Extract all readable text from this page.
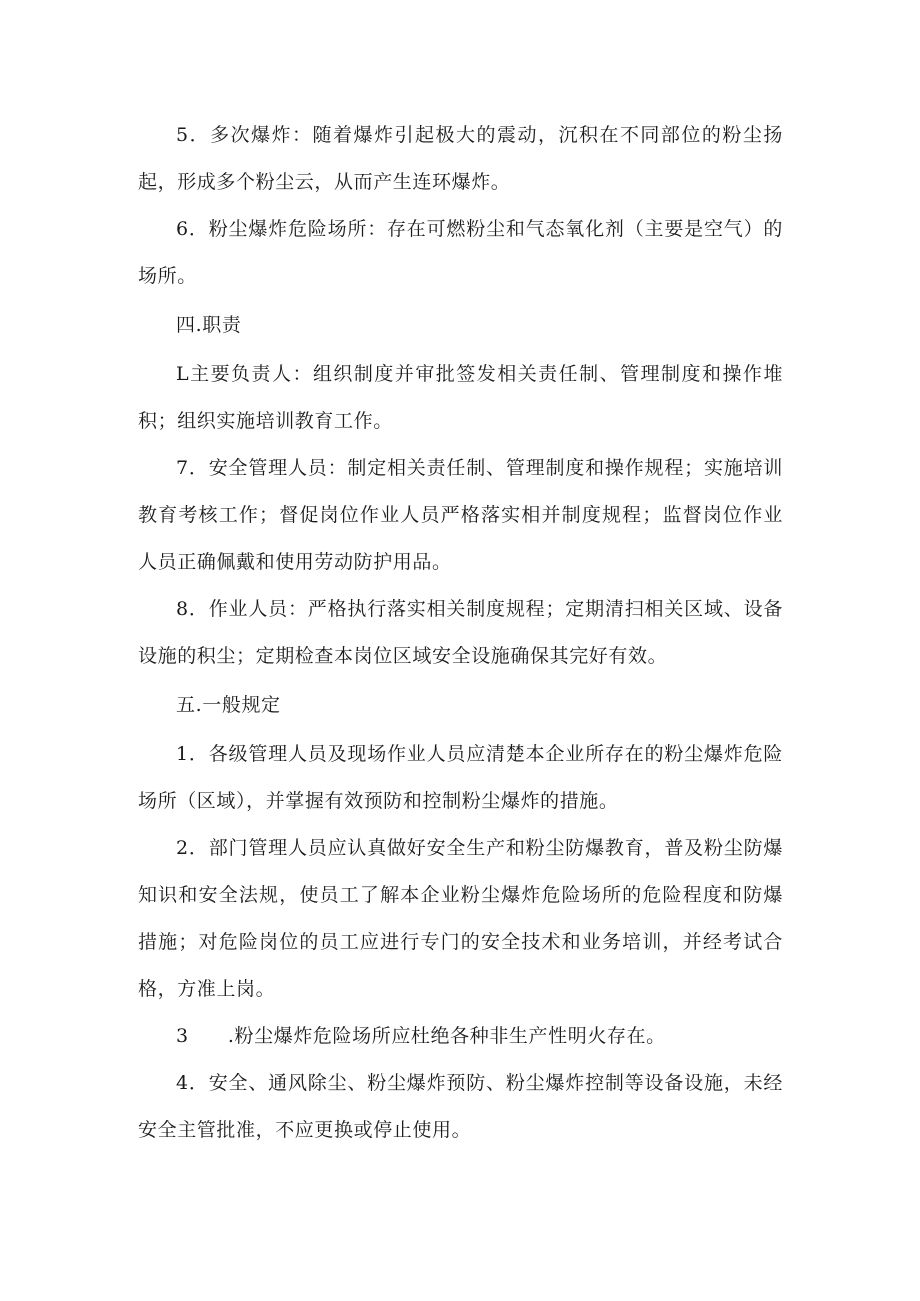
5．多次爆炸：随着爆炸引起极大的震动，沉积在不同部位的粉尘扬起，形成多个粉尘云，从而产生连环爆炸。

6．粉尘爆炸危险场所：存在可燃粉尘和气态氧化剂（主要是空气）的场所。

四.职责

L主要负责人：组织制度并审批签发相关责任制、管理制度和操作堆积；组织实施培训教育工作。

7．安全管理人员：制定相关责任制、管理制度和操作规程；实施培训教育考核工作；督促岗位作业人员严格落实相并制度规程；监督岗位作业人员正确佩戴和使用劳动防护用品。

8．作业人员：严格执行落实相关制度规程；定期清扫相关区域、设备设施的积尘；定期检查本岗位区域安全设施确保其完好有效。

五.一般规定

1．各级管理人员及现场作业人员应清楚本企业所存在的粉尘爆炸危险场所（区域），并掌握有效预防和控制粉尘爆炸的措施。

2．部门管理人员应认真做好安全生产和粉尘防爆教育，普及粉尘防爆知识和安全法规，使员工了解本企业粉尘爆炸危险场所的危险程度和防爆措施；对危险岗位的员工应进行专门的安全技术和业务培训，并经考试合格，方准上岗。

3　　.粉尘爆炸危险场所应杜绝各种非生产性明火存在。

4．安全、通风除尘、粉尘爆炸预防、粉尘爆炸控制等设备设施，未经安全主管批准，不应更换或停止使用。
